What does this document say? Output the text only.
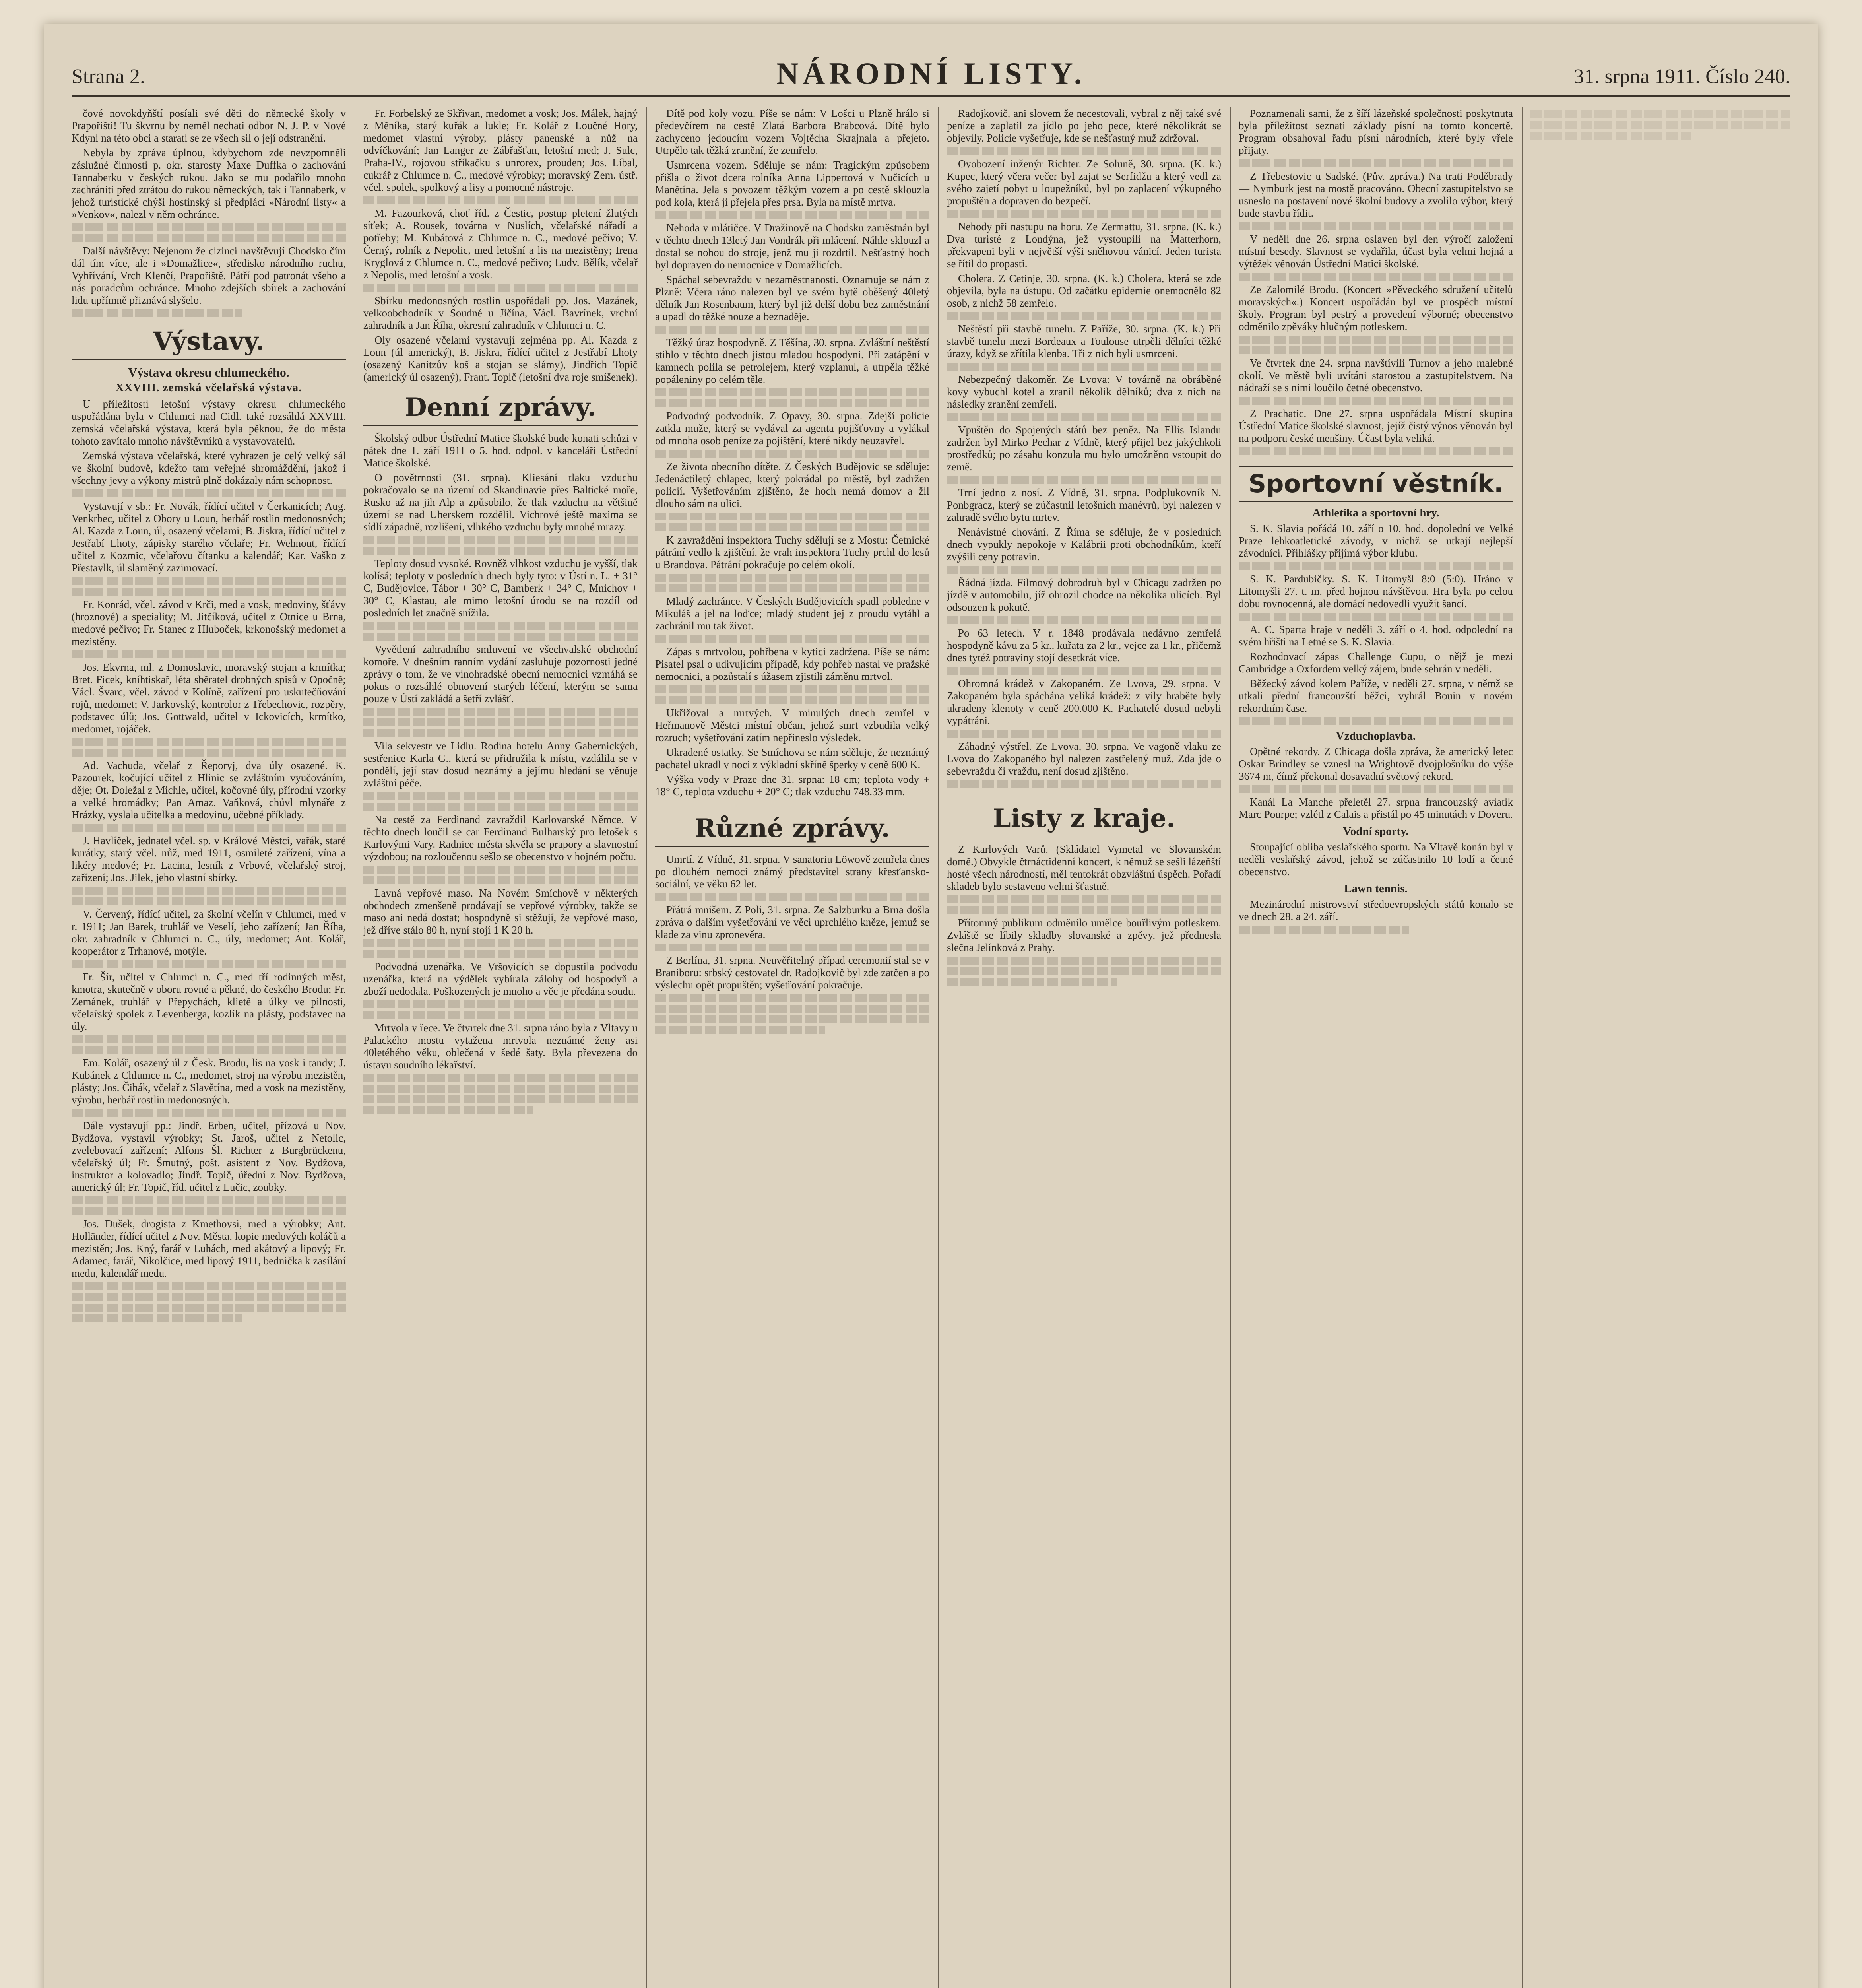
Strana 2.	NÁRODNÍ LISTY.	31. srpna 1911. Číslo 240.

čové novokdyňští posíali své děti do německé školy v Prapořišti! Tu škvrnu by neměl nechati odbor N. J. P. v Nové Kdyni na této obci a starati se ze všech sil o její odstranění.

Nebyla by zpráva úplnou, kdybychom zde nevzpomněli záslužné činnosti p. okr. starosty Maxe Duffka o zachování Tannaberku v českých rukou. Jako se mu podařilo mnoho zachrániti před ztrátou do rukou německých, tak i Tannaberk, v jehož turistické chýši hostinský si předplácí »Národní listy« a »Venkov«, nalezl v něm ochránce.

Další návštěvy: Nejenom že cizinci navštěvují Chodsko čím dál tím více, ale i »Domažlice«, středisko národního ruchu, Vyhřívání, Vrch Klenčí, Prapořiště. Pátří pod patronát všeho a nás poradcům ochránce. Mnoho zdejších sbírek a zachování lidu upřímně přiznává slyšelo.

Výstavy.
Výstava okresu chlumeckého.
XXVIII. zemská včelařská výstava.

U příležitosti letošní výstavy okresu chlumeckého uspořádána byla v Chlumci nad Cidl. také rozsáhlá XXVIII. zemská včelařská výstava, která byla pěknou, že do města tohoto zavítalo mnoho návštěvníků a vystavovatelů.

Zemská výstava včelařská, které vyhrazen je celý velký sál ve školní budově, kdežto tam veřejné shromáždění, jakož i všechny jevy a výkony mistrů plně dokázaly nám schopnost.

Vystavují v sb.: Fr. Novák, řídící učitel v Čerkanicích; Aug. Venkrbec, učitel z Obory u Loun, herbář rostlin medonosných; Al. Kazda z Loun, úl, osazený včelami; B. Jiskra, řídící učitel z Jestřabí Lhoty, zápisky starého včelaře; Fr. Wehnout, řídící učitel z Kozmic, včelařovu čítanku a kalendář; Kar. Vaško z Přestavlk, úl slaměný zazimovací.

Fr. Konrád, včel. závod v Krči, med a vosk, medoviny, šťávy (hroznové) a speciality; M. Jitčíková, učitel z Otnice u Brna, medové pečivo; Fr. Stanec z Hluboček, krkonošský medomet a mezistěny.

Jos. Ekvrna, ml. z Domoslavic, moravský stojan a krmítka; Bret. Ficek, kníhtiskař, léta sběratel drobných spisů v Opočně; Václ. Švarc, včel. závod v Kolíně, zařízení pro uskutečňování rojů, medomet; V. Jarkovský, kontrolor z Třebechovic, rozpěry, podstavec úlů; Jos. Gottwald, učitel v Ickovicích, krmítko, medomet, rojáček.

Ad. Vachuda, včelař z Řeporyj, dva úly osazené. K. Pazourek, kočující učitel z Hlinic se zvláštním vyučováním, děje; Ot. Doležal z Michle, učitel, kočovné úly, přírodní vzorky a velké hromádky; Pan Amaz. Vaňková, chůvl mlynáře z Hrázky, vyslala učitelka a medovinu, učebné příklady.

J. Havlíček, jednatel včel. sp. v Králové Městci, vařák, staré kurátky, starý včel. nůž, med 1911, osmileté zařízení, vína a likéry medové; Fr. Lacina, lesník z Vrbové, včelařský stroj, zařízení; Jos. Jilek, jeho vlastní sbírky.

V. Červený, řídící učitel, za školní včelín v Chlumci, med v r. 1911; Jan Barek, truhlář ve Veselí, jeho zařízení; Jan Říha, okr. zahradník v Chlumci n. C., úly, medomet; Ant. Kolář, kooperátor z Trhanové, motýle.

Fr. Šír, učitel v Chlumci n. C., med tří rodinných měst, kmotra, skutečně v oboru rovné a pěkné, do českého Brodu; Fr. Zemánek, truhlář v Přepychách, klietě a úlky ve pilnosti, včelařský spolek z Levenberga, kozlík na plásty, podstavec na úly.

Em. Kolář, osazený úl z Česk. Brodu, lis na vosk i tandy; J. Kubánek z Chlumce n. C., medomet, stroj na výrobu mezistěn, plásty; Jos. Čihák, včelař z Slavětína, med a vosk na mezistěny, výrobu, herbář rostlin medonosných.

Dále vystavují pp.: Jindř. Erben, učitel, přízová u Nov. Bydžova, vystavil výrobky; St. Jaroš, učitel z Netolic, zvelebovací zařízení; Alfons Šl. Richter z Burgbrückenu, včelařský úl; Fr. Šmutný, pošt. asistent z Nov. Bydžova, instruktor a kolovadlo; Jindř. Topič, úřední z Nov. Bydžova, americký úl; Fr. Topič, říd. učitel z Lučic, zoubky.

Jos. Dušek, drogista z Kmethovsi, med a výrobky; Ant. Holländer, řídící učitel z Nov. Města, kopie medových koláčů a mezistěn; Jos. Kný, farář v Luhách, med akátový a lipový; Fr. Adamec, farář, Nikolčice, med lipový 1911, bednička k zasílání medu, kalendář medu.

Fr. Forbelský ze Skřivan, medomet a vosk; Jos. Málek, hajný z Měníka, starý kuřák a lukle; Fr. Kolář z Loučné Hory, medomet vlastní výroby, plásty panenské a nůž na odvíčkování; Jan Langer ze Zábřašťan, letošní med; J. Sulc, Praha-IV., rojovou stříkačku s unrorex, prouden; Jos. Líbal, cukrář z Chlumce n. C., medové výrobky; moravský Zem. ústř. včel. spolek, spolkový a lisy a pomocné nástroje.

M. Fazourková, choť říd. z Čestic, postup pletení žlutých síťek; A. Rousek, továrna v Nuslích, včelařské nářadí a potřeby; M. Kubátová z Chlumce n. C., medové pečivo; V. Černý, rolník z Nepolic, med letošní a lis na mezistěny; Irena Kryglová z Chlumce n. C., medové pečivo; Ludv. Bělík, včelař z Nepolis, med letošní a vosk.

Sbírku medonosných rostlin uspořádali pp. Jos. Mazánek, velkoobchodník v Soudné u Jičína, Václ. Bavrínek, vrchní zahradník a Jan Říha, okresní zahradník v Chlumci n. C.

Oly osazené včelami vystavují zejména pp. Al. Kazda z Loun (úl americký), B. Jiskra, řídící učitel z Jestřabí Lhoty (osazený Kanitzův koš a stojan se slámy), Jindřich Topič (americký úl osazený), Frant. Topič (letošní dva roje smíšenek).

Denní zprávy.

Školský odbor Ústřední Matice školské bude konati schůzi v pátek dne 1. září 1911 o 5. hod. odpol. v kanceláři Ústřední Matice školské.

O povětrnosti (31. srpna). Kliesání tlaku vzduchu pokračovalo se na území od Skandinavie přes Baltické moře, Rusko až na jih Alp a způsobilo, že tlak vzduchu na většině území se nad Uherskem rozdělil. Vichrové ještě maxima se sídlí západně, rozlišeni, vlhkého vzduchu byly mnohé mrazy.

Teploty dosud vysoké. Rovněž vlhkost vzduchu je vyšší, tlak kolísá; teploty v posledních dnech byly tyto: v Ústí n. L. + 31° C, Budějovice, Tábor + 30° C, Bamberk + 34° C, Mnichov + 30° C, Klastau, ale mimo letošní úrodu se na rozdíl od posledních let značně snížila.

Vyvětlení zahradního smluvení ve všechvalské obchodní komoře. V dnešním ranním vydání zasluhuje pozornosti jedné zprávy o tom, že ve vinohradské obecní nemocnici vzmáhá se pokus o rozsáhlé obnovení starých léčení, kterým se sama pouze v Ústí zakládá a šetří zvlášť.

Vila sekvestr ve Lidlu. Rodina hotelu Anny Gabernických, sestřenice Karla G., která se přidružila k místu, vzdálila se v pondělí, její stav dosud neznámý a jejímu hledání se věnuje zvláštní péče.

Na cestě za Ferdinand zavraždil Karlovarské Němce. V těchto dnech loučil se car Ferdinand Bulharský pro letošek s Karlovými Vary. Radnice města skvěla se prapory a slavnostní výzdobou; na rozloučenou sešlo se obecenstvo v hojném počtu.

Lavná vepřové maso. Na Novém Smíchově v některých obchodech zmenšeně prodávají se vepřové výrobky, takže se maso ani nedá dostat; hospodyně si stěžují, že vepřové maso, jež dříve stálo 80 h, nyní stojí 1 K 20 h.

Podvodná uzenářka. Ve Vršovicích se dopustila podvodu uzenářka, která na výdělek vybírala zálohy od hospodyň a zboží nedodala. Poškozených je mnoho a věc je předána soudu.

Mrtvola v řece. Ve čtvrtek dne 31. srpna ráno byla z Vltavy u Palackého mostu vytažena mrtvola neznámé ženy asi 40letéhého věku, oblečená v šedé šaty. Byla převezena do ústavu soudního lékařství.

Dítě pod koly vozu. Píše se nám: V Lošci u Plzně hrálo si předevčírem na cestě Zlatá Barbora Brabcová. Dítě bylo zachyceno jedoucím vozem Vojtěcha Skrajnala a přejeto. Utrpělo tak těžká zranění, že zemřelo.

Usmrcena vozem. Sděluje se nám: Tragickým způsobem přišla o život dcera rolníka Anna Lippertová v Nučicích u Manětína. Jela s povozem těžkým vozem a po cestě sklouzla pod kola, která ji přejela přes prsa. Byla na místě mrtva.

Nehoda v mlátičce. V Dražinově na Chodsku zaměstnán byl v těchto dnech 13letý Jan Vondrák při mlácení. Náhle sklouzl a dostal se nohou do stroje, jenž mu ji rozdrtil. Nešťastný hoch byl dopraven do nemocnice v Domažlicích.

Spáchal sebevraždu v nezaměstnanosti. Oznamuje se nám z Plzně: Včera ráno nalezen byl ve svém bytě oběšený 40letý dělník Jan Rosenbaum, který byl již delší dobu bez zaměstnání a upadl do těžké nouze a beznaděje.

Těžký úraz hospodyně. Z Těšína, 30. srpna. Zvláštní neštěstí stihlo v těchto dnech jistou mladou hospodyni. Při zatápění v kamnech polila se petrolejem, který vzplanul, a utrpěla těžké popáleniny po celém těle.

Podvodný podvodník. Z Opavy, 30. srpna. Zdejší policie zatkla muže, který se vydával za agenta pojišťovny a vylákal od mnoha osob peníze za pojištění, které nikdy neuzavřel.

Ze života obecního dítěte. Z Českých Budějovic se sděluje: Jedenáctiletý chlapec, který pokrádal po městě, byl zadržen policií. Vyšetřováním zjištěno, že hoch nemá domov a žil dlouho sám na ulici.

K zavraždění inspektora Tuchy sdělují se z Mostu: Četnické pátrání vedlo k zjištění, že vrah inspektora Tuchy prchl do lesů u Brandova. Pátrání pokračuje po celém okolí.

Mladý zachránce. V Českých Budějovicích spadl pobledne v Mikuláš a jel na loďce; mladý student jej z proudu vytáhl a zachránil mu tak život.

Zápas s mrtvolou, pohřbena v kytici zadržena. Píše se nám: Pisatel psal o udivujícím případě, kdy pohřeb nastal ve pražské nemocnici, a pozůstalí s úžasem zjistili záměnu mrtvol.

Ukřižoval a mrtvých. V minulých dnech zemřel v Heřmanově Městci místní občan, jehož smrt vzbudila velký rozruch; vyšetřování zatím nepřineslo výsledek.

Ukradené ostatky. Se Smíchova se nám sděluje, že neznámý pachatel ukradl v noci z výkladní skříně šperky v ceně 600 K.

Výška vody v Praze dne 31. srpna: 18 cm; teplota vody + 18° C, teplota vzduchu + 20° C; tlak vzduchu 748.33 mm.

Různé zprávy.

Umrtí. Z Vídně, 31. srpna. V sanatoriu Löwově zemřela dnes po dlouhém nemoci známý představitel strany křesťansko-sociální, ve věku 62 let.

Přátrá mnišem. Z Poli, 31. srpna. Ze Salzburku a Brna došla zpráva o dalším vyšetřování ve věci uprchlého kněze, jemuž se klade za vinu zpronevěra.

Z Berlína, 31. srpna. Neuvěřitelný případ ceremonií stal se v Braniboru: srbský cestovatel dr. Radojkovič byl zde zatčen a po výslechu opět propuštěn; vyšetřování pokračuje.

Radojkovič, ani slovem že necestovali, vybral z něj také své peníze a zaplatil za jídlo po jeho pece, které několikrát se objevily. Policie vyšetřuje, kde se nešťastný muž zdržoval.

Ovobození inženýr Richter. Ze Soluně, 30. srpna. (K. k.) Kupec, který včera večer byl zajat se Serfidžu a který vedl za svého zajetí pobyt u loupežníků, byl po zaplacení výkupného propuštěn a dopraven do bezpečí.

Nehody při nastupu na horu. Ze Zermattu, 31. srpna. (K. k.) Dva turisté z Londýna, jež vystoupili na Matterhorn, překvapeni byli v největší výši sněhovou vánicí. Jeden turista se řítil do propasti.

Cholera. Z Cetinje, 30. srpna. (K. k.) Cholera, která se zde objevila, byla na ústupu. Od začátku epidemie onemocnělo 82 osob, z nichž 58 zemřelo.

Neštěstí při stavbě tunelu. Z Paříže, 30. srpna. (K. k.) Při stavbě tunelu mezi Bordeaux a Toulouse utrpěli dělníci těžké úrazy, když se zřítila klenba. Tři z nich byli usmrceni.

Nebezpečný tlakoměr. Ze Lvova: V továrně na obráběné kovy vybuchl kotel a zranil několik dělníků; dva z nich na následky zranění zemřeli.

Vpuštěn do Spojených států bez peněz. Na Ellis Islandu zadržen byl Mirko Pechar z Vídně, který přijel bez jakýchkoli prostředků; po zásahu konzula mu bylo umožněno vstoupit do země.

Trní jedno z nosí. Z Vídně, 31. srpna. Podplukovník N. Ponbgracz, který se zúčastnil letošních manévrů, byl nalezen v zahradě svého bytu mrtev.

Nenávistné chování. Z Říma se sděluje, že v posledních dnech vypukly nepokoje v Kalábrii proti obchodníkům, kteří zvýšili ceny potravin.

Řádná jízda. Filmový dobrodruh byl v Chicagu zadržen po jízdě v automobilu, jíž ohrozil chodce na několika ulicích. Byl odsouzen k pokutě.

Po 63 letech. V r. 1848 prodávala nedávno zemřelá hospodyně kávu za 5 kr., kuřata za 2 kr., vejce za 1 kr., přičemž dnes tytéž potraviny stojí desetkrát více.

Ohromná krádež v Zakopaném. Ze Lvova, 29. srpna. V Zakopaném byla spáchána veliká krádež: z vily hraběte byly ukradeny klenoty v ceně 200.000 K. Pachatelé dosud nebyli vypátráni.

Záhadný výstřel. Ze Lvova, 30. srpna. Ve vagoně vlaku ze Lvova do Zakopaného byl nalezen zastřelený muž. Zda jde o sebevraždu či vraždu, není dosud zjištěno.

Listy z kraje.

Z Karlových Varů. (Skládatel Vymetal ve Slovanském domě.) Obvykle čtrnáctidenní koncert, k němuž se sešli lázeňští hosté všech národností, měl tentokrát obzvláštní úspěch. Pořadí skladeb bylo sestaveno velmi šťastně.

Přítomný publikum odměnilo umělce bouřlivým potleskem. Zvláště se líbily skladby slovanské a zpěvy, jež přednesla slečna Jelínková z Prahy.

Poznamenali sami, že z šíří lázeňské společnosti poskytnuta byla příležitost seznati základy písní na tomto koncertě. Program obsahoval řadu písní národních, které byly vřele přijaty.

Z Třebestovic u Sadské. (Pův. zpráva.) Na trati Poděbrady — Nymburk jest na mostě pracováno. Obecní zastupitelstvo se usneslo na postavení nové školní budovy a zvolilo výbor, který bude stavbu řídit.

V neděli dne 26. srpna oslaven byl den výročí založení místní besedy. Slavnost se vydařila, účast byla velmi hojná a výtěžek věnován Ústřední Matici školské.

Ze Zalomilé Brodu. (Koncert »Pěveckého sdružení učitelů moravských«.) Koncert uspořádán byl ve prospěch místní školy. Program byl pestrý a provedení výborné; obecenstvo odměnilo zpěváky hlučným potleskem.

Ve čtvrtek dne 24. srpna navštívili Turnov a jeho malebné okolí. Ve městě byli uvítáni starostou a zastupitelstvem. Na nádraží se s nimi loučilo četné obecenstvo.

Z Prachatic. Dne 27. srpna uspořádala Místní skupina Ústřední Matice školské slavnost, jejíž čistý výnos věnován byl na podporu české menšiny. Účast byla veliká.

Sportovní věstník.
Athletika a sportovní hry.

S. K. Slavia pořádá 10. září o 10. hod. dopolední ve Velké Praze lehkoatletické závody, v nichž se utkají nejlepší závodníci. Přihlášky přijímá výbor klubu.

S. K. Pardubičky. S. K. Litomyšl 8:0 (5:0). Hráno v Litomyšli 27. t. m. před hojnou návštěvou. Hra byla po celou dobu rovnocenná, ale domácí nedovedli využít šancí.

A. C. Sparta hraje v neděli 3. září o 4. hod. odpolední na svém hřišti na Letné se S. K. Slavia.

Rozhodovací zápas Challenge Cupu, o nějž je mezi Cambridge a Oxfordem velký zájem, bude sehrán v neděli.

Běžecký závod kolem Paříže, v neděli 27. srpna, v němž se utkali přední francouzští běžci, vyhrál Bouin v novém rekordním čase.

Vzduchoplavba.

Opětné rekordy. Z Chicaga došla zpráva, že americký letec Oskar Brindley se vznesl na Wrightově dvojplošníku do výše 3674 m, čímž překonal dosavadní světový rekord.

Kanál La Manche přeletěl 27. srpna francouzský aviatik Marc Pourpe; vzlétl z Calais a přistál po 45 minutách v Doveru.

Vodní sporty.

Stoupající obliba veslařského sportu. Na Vltavě konán byl v neděli veslařský závod, jehož se zúčastnilo 10 lodí a četné obecenstvo.

Lawn tennis.

Mezinárodní mistrovství středoevropských států konalo se ve dnech 28. a 24. září.
